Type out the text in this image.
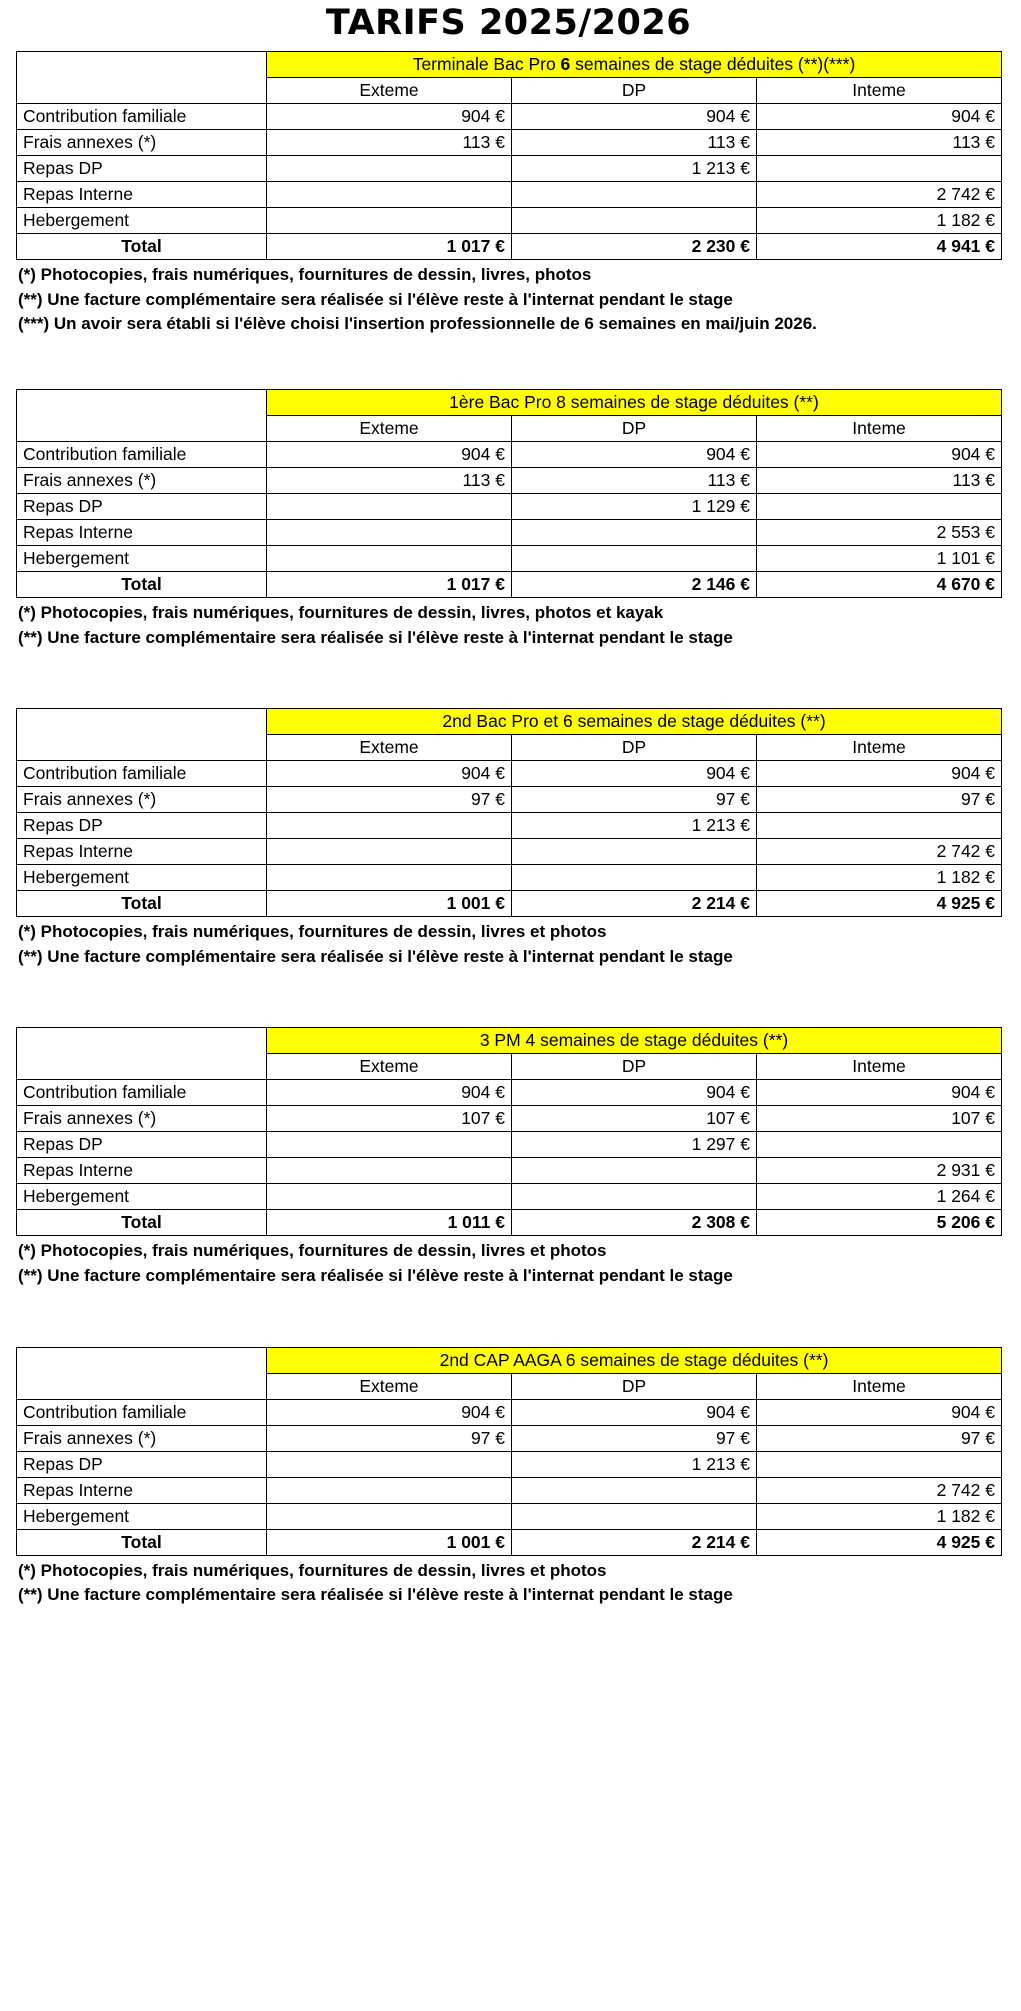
TARIFS 2025/2026
	Terminale Bac Pro 6 semaines de stage déduites (**)(***)		
	Exteme	DP	Inteme
Contribution familiale	904 €	904 €	904 €
Frais annexes (*)	113 €	113 €	113 €
Repas DP		1 213 €	
Repas Interne			2 742 €
Hebergement			1 182 €
Total	1 017 €	2 230 €	4 941 €
(*) Photocopies, frais numériques, fournitures de dessin, livres, photos
(**) Une facture complémentaire sera réalisée si l'élève reste à l'internat pendant le stage
(***) Un avoir sera établi si l'élève choisi l'insertion professionnelle de 6 semaines en mai/juin 2026.
	1ère Bac Pro 8 semaines de stage déduites (**)		
	Exteme	DP	Inteme
Contribution familiale	904 €	904 €	904 €
Frais annexes (*)	113 €	113 €	113 €
Repas DP		1 129 €	
Repas Interne			2 553 €
Hebergement			1 101 €
Total	1 017 €	2 146 €	4 670 €
(*) Photocopies, frais numériques, fournitures de dessin, livres, photos et kayak
(**) Une facture complémentaire sera réalisée si l'élève reste à l'internat pendant le stage
	2nd Bac Pro et 6 semaines de stage déduites (**)		
	Exteme	DP	Inteme
Contribution familiale	904 €	904 €	904 €
Frais annexes (*)	97 €	97 €	97 €
Repas DP		1 213 €	
Repas Interne			2 742 €
Hebergement			1 182 €
Total	1 001 €	2 214 €	4 925 €
(*) Photocopies, frais numériques, fournitures de dessin, livres et photos
(**) Une facture complémentaire sera réalisée si l'élève reste à l'internat pendant le stage
	3 PM 4 semaines de stage déduites (**)		
	Exteme	DP	Inteme
Contribution familiale	904 €	904 €	904 €
Frais annexes (*)	107 €	107 €	107 €
Repas DP		1 297 €	
Repas Interne			2 931 €
Hebergement			1 264 €
Total	1 011 €	2 308 €	5 206 €
(*) Photocopies, frais numériques, fournitures de dessin, livres et photos
(**) Une facture complémentaire sera réalisée si l'élève reste à l'internat pendant le stage
	2nd CAP AAGA 6 semaines de stage déduites (**)		
	Exteme	DP	Inteme
Contribution familiale	904 €	904 €	904 €
Frais annexes (*)	97 €	97 €	97 €
Repas DP		1 213 €	
Repas Interne			2 742 €
Hebergement			1 182 €
Total	1 001 €	2 214 €	4 925 €
(*) Photocopies, frais numériques, fournitures de dessin, livres et photos
(**) Une facture complémentaire sera réalisée si l'élève reste à l'internat pendant le stage
